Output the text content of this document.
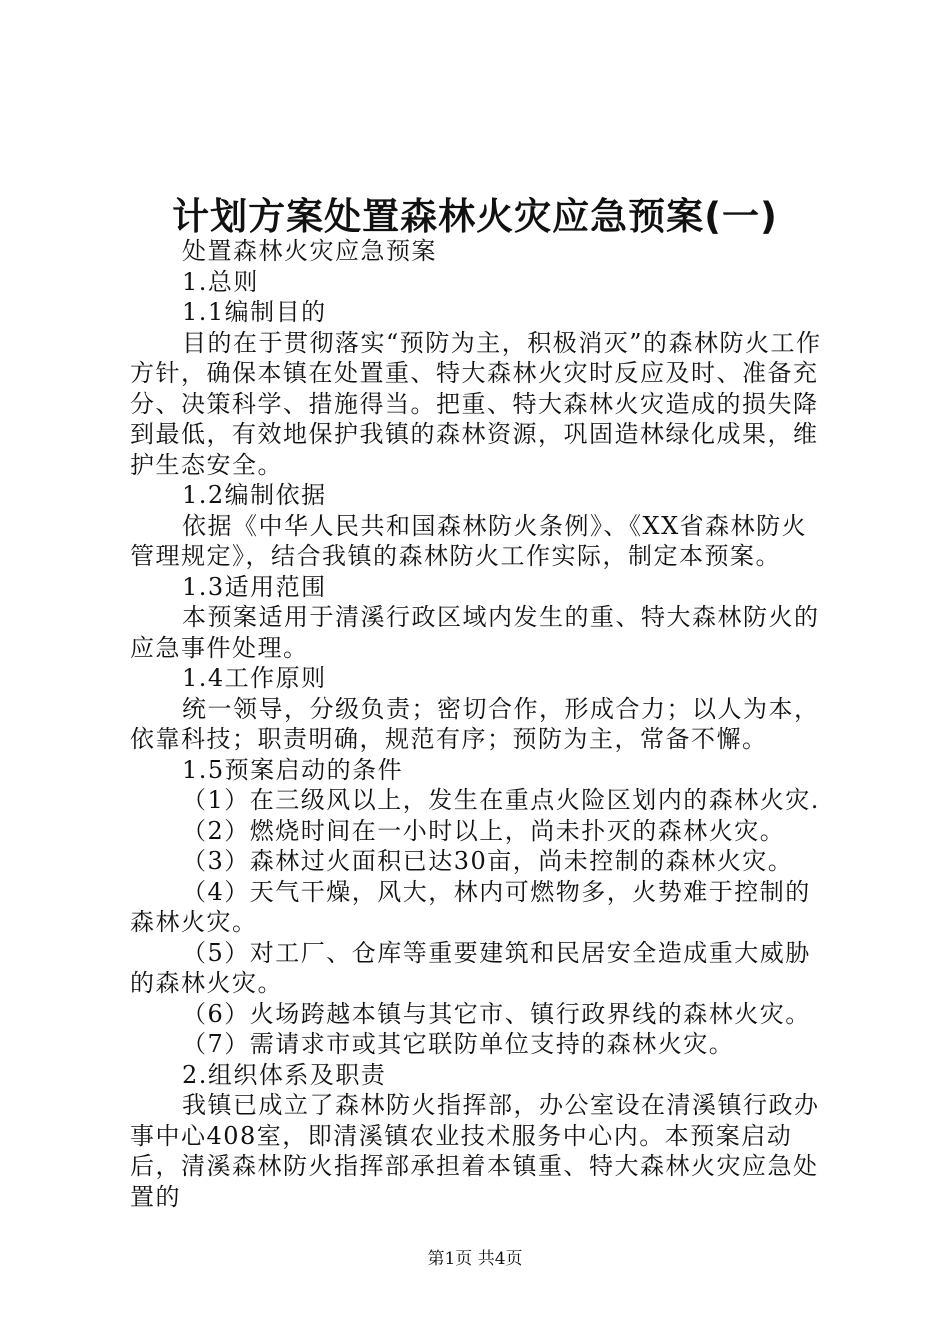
计划方案处置森林火灾应急预案(一)

处置森林火灾应急预案

1.总则

1.1编制目的

目的在于贯彻落实“预防为主，积极消灭”的森林防火工作方针，确保本镇在处置重、特大森林火灾时反应及时、准备充分、决策科学、措施得当。把重、特大森林火灾造成的损失降到最低，有效地保护我镇的森林资源，巩固造林绿化成果，维护生态安全。

1.2编制依据

依据《中华人民共和国森林防火条例》、《XX省森林防火管理规定》，结合我镇的森林防火工作实际，制定本预案。

1.3适用范围

本预案适用于清溪行政区域内发生的重、特大森林防火的应急事件处理。

1.4工作原则

统一领导，分级负责；密切合作，形成合力；以人为本，依靠科技；职责明确，规范有序；预防为主，常备不懈。

1.5预案启动的条件

（1）在三级风以上，发生在重点火险区划内的森林火灾.

（2）燃烧时间在一小时以上，尚未扑灭的森林火灾。

（3）森林过火面积已达30亩，尚未控制的森林火灾。

（4）天气干燥，风大，林内可燃物多，火势难于控制的森林火灾。

（5）对工厂、仓库等重要建筑和民居安全造成重大威胁的森林火灾。

（6）火场跨越本镇与其它市、镇行政界线的森林火灾。

（7）需请求市或其它联防单位支持的森林火灾。

2.组织体系及职责

我镇已成立了森林防火指挥部，办公室设在清溪镇行政办事中心408室，即清溪镇农业技术服务中心内。本预案启动后，清溪森林防火指挥部承担着本镇重、特大森林火灾应急处置的

第1页 共4页
